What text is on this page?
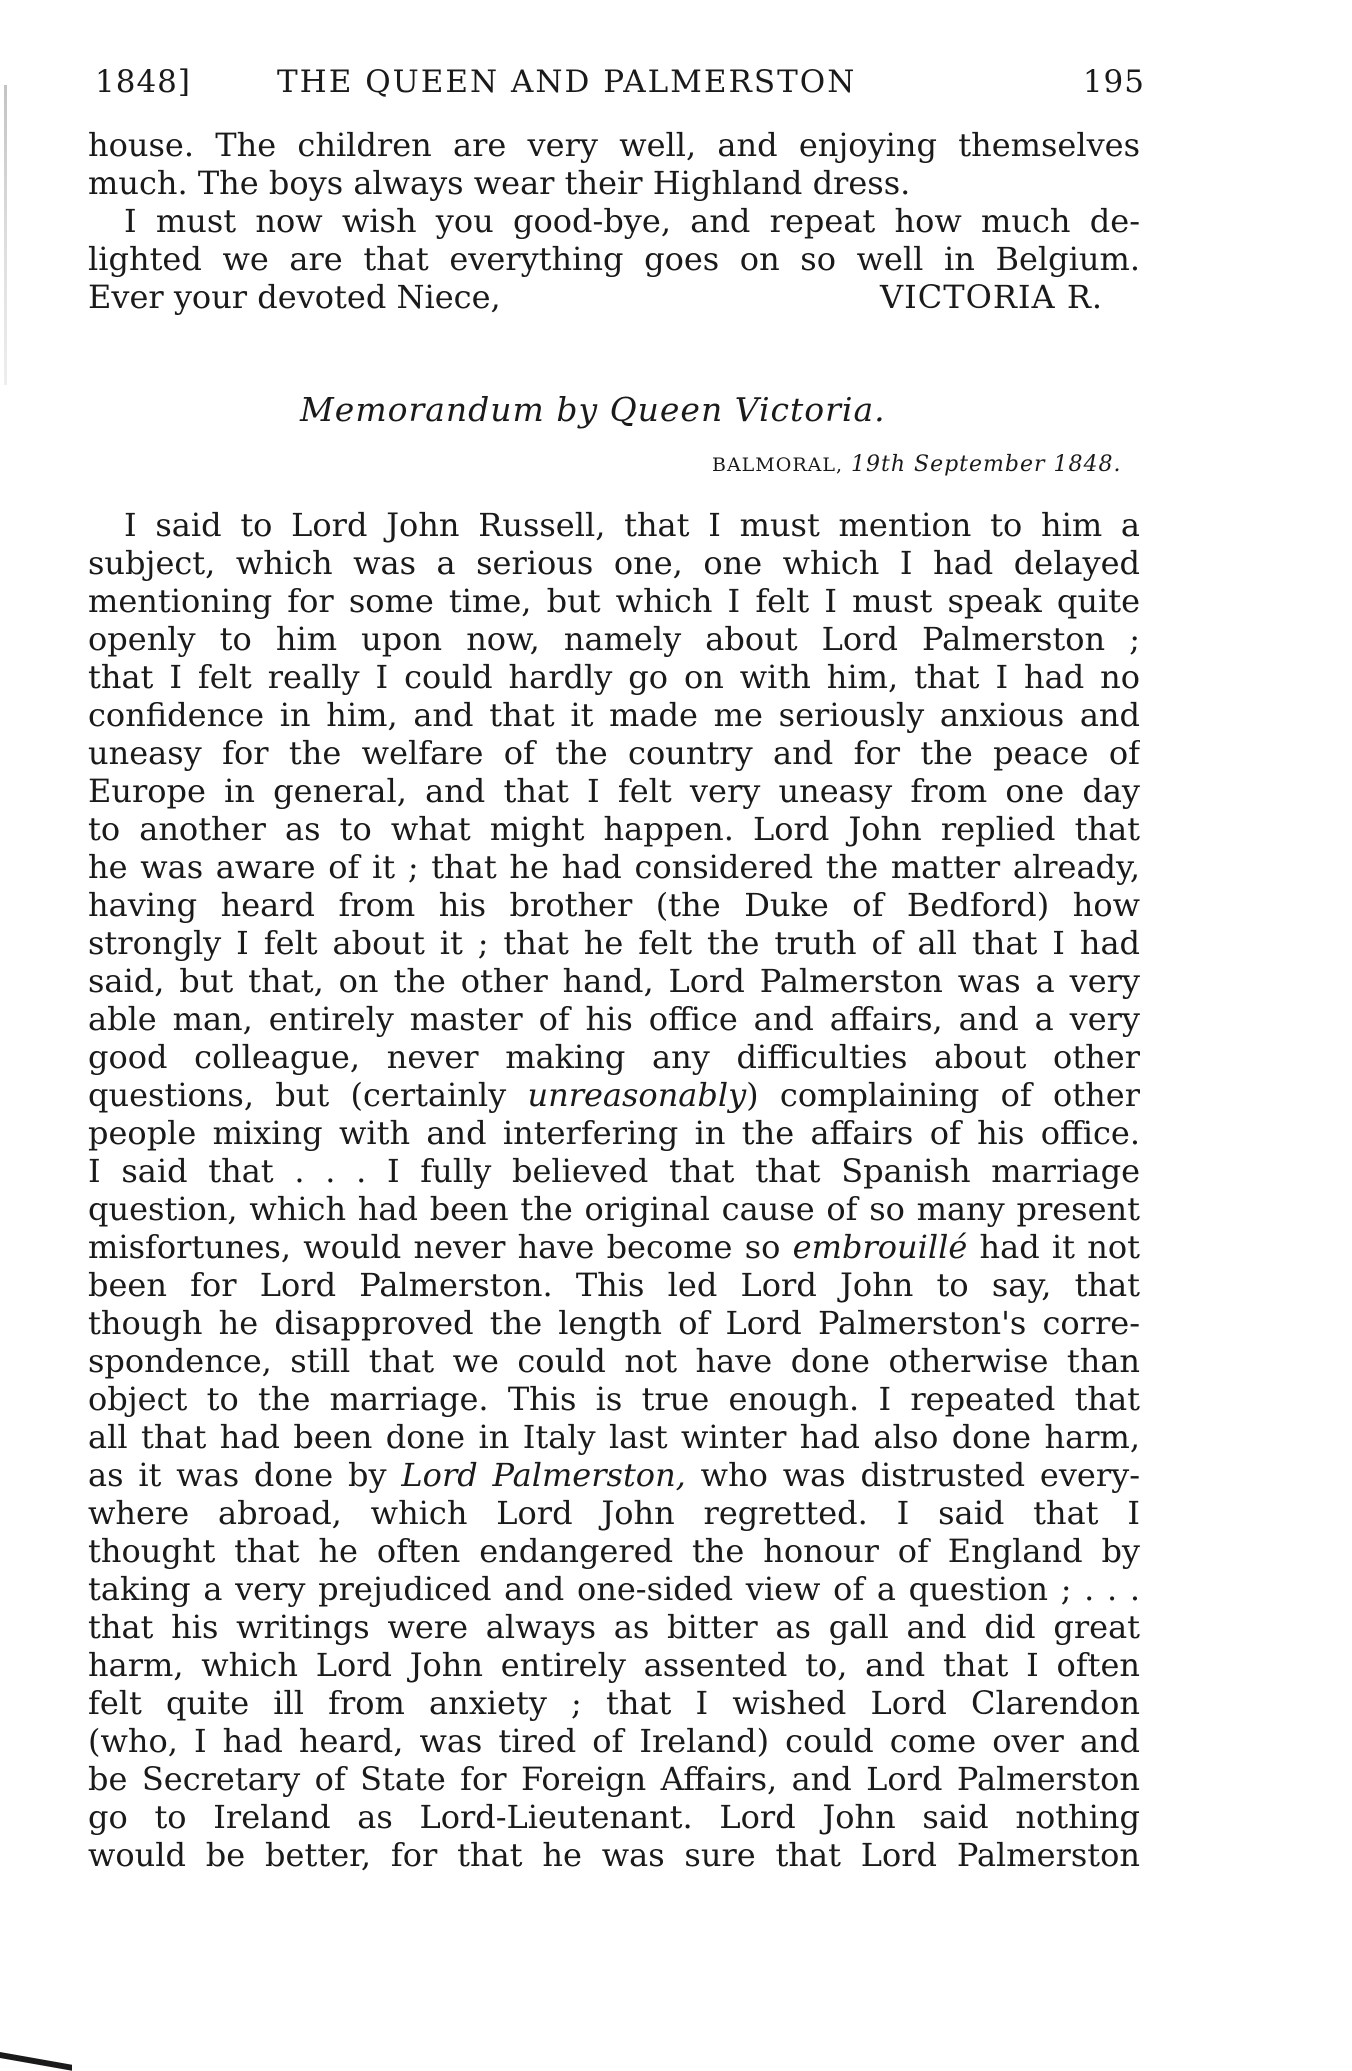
1848]	THE QUEEN AND PALMERSTON	195
house. The children are very well, and enjoying themselves
much. The boys always wear their Highland dress.
I must now wish you good-bye, and repeat how much de-
lighted we are that everything goes on so well in Belgium.
Ever your devoted Niece,	VICTORIA R.
Memorandum by Queen Victoria.
BALMORAL, 19th September 1848.
I said to Lord John Russell, that I must mention to him a
subject, which was a serious one, one which I had delayed
mentioning for some time, but which I felt I must speak quite
openly to him upon now, namely about Lord Palmerston ;
that I felt really I could hardly go on with him, that I had no
confidence in him, and that it made me seriously anxious and
uneasy for the welfare of the country and for the peace of
Europe in general, and that I felt very uneasy from one day
to another as to what might happen. Lord John replied that
he was aware of it ; that he had considered the matter already,
having heard from his brother (the Duke of Bedford) how
strongly I felt about it ; that he felt the truth of all that I had
said, but that, on the other hand, Lord Palmerston was a very
able man, entirely master of his office and affairs, and a very
good colleague, never making any difficulties about other
questions, but (certainly unreasonably) complaining of other
people mixing with and interfering in the affairs of his office.
I said that . . . I fully believed that that Spanish marriage
question, which had been the original cause of so many present
misfortunes, would never have become so embrouillé had it not
been for Lord Palmerston. This led Lord John to say, that
though he disapproved the length of Lord Palmerston's corre-
spondence, still that we could not have done otherwise than
object to the marriage. This is true enough. I repeated that
all that had been done in Italy last winter had also done harm,
as it was done by Lord Palmerston, who was distrusted every-
where abroad, which Lord John regretted. I said that I
thought that he often endangered the honour of England by
taking a very prejudiced and one-sided view of a question ; . . .
that his writings were always as bitter as gall and did great
harm, which Lord John entirely assented to, and that I often
felt quite ill from anxiety ; that I wished Lord Clarendon
(who, I had heard, was tired of Ireland) could come over and
be Secretary of State for Foreign Affairs, and Lord Palmerston
go to Ireland as Lord-Lieutenant. Lord John said nothing
would be better, for that he was sure that Lord Palmerston
